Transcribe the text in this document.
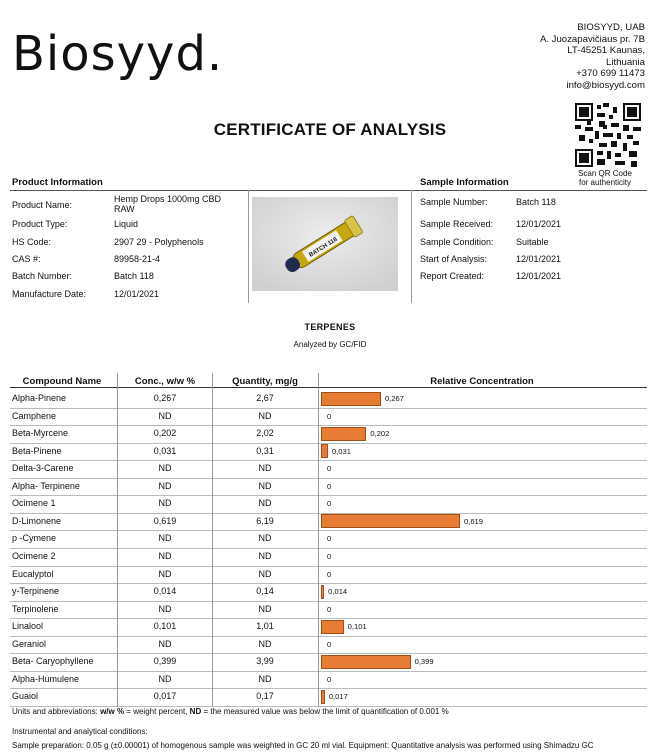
Biosyyd.	BIOSYYD, UAB
A. Juozapavičiaus pr. 7B
LT-45251 Kaunas,
Lithuania
+370 699 11473
info@biosyyd.com
CERTIFICATE OF ANALYSIS
Scan QR Code
for authenticity
Product Information	Sample Information
Product Name:
Hemp Drops 1000mg CBD
RAW
Product Type:	Liquid
HS Code:	2907 29 - Polyphenols
CAS #:	89958-21-4
Batch Number:	Batch 118
Manufacture Date:	12/01/2021
Sample Number:	Batch 118
Sample Received:	12/01/2021
Sample Condition: Suitable
Start of Analysis:	12/01/2021
Report Created:	12/01/2021
BATCH 118
TERPENES
Analyzed by GC/FID
Compound Name	Conc., w/w %	Quantity, mg/g	Relative Concentration
Alpha-Pinene	0,267	2,67	0,267
Camphene	ND	ND	0
Beta-Myrcene	0,202	2,02	0,202
Beta-Pinene	0,031	0,31	0,031
Delta-3-Carene	ND	ND	0
Alpha- Terpinene	ND	ND	0
Ocimene 1	ND	ND	0
D-Limonene	0,619	6,19	0,619
p -Cymene	ND	ND	0
Ocimene 2	ND	ND	0
Eucalyptol	ND	ND	0
y-Terpinene	0,014	0,14	0,014
Terpinolene	ND	ND	0
Linalool	0,101	1,01	0,101
Geraniol	ND	ND	0
Beta- Caryophyllene	0,399	3,99	0,399
Alpha-Humulene	ND	ND	0
Guaiol	0,017	0,17	0,017
Units and abbreviations: w/w % = weight percent, ND = the measured value was below the limit of quantification of 0.001 %
Instrumental and analytical conditions:
Sample preparation: 0.05 g (±0.00001) of homogenous sample was weighted in GC 20 ml vial. Equipment: Quantitative analysis was performed using Shimadzu GC
